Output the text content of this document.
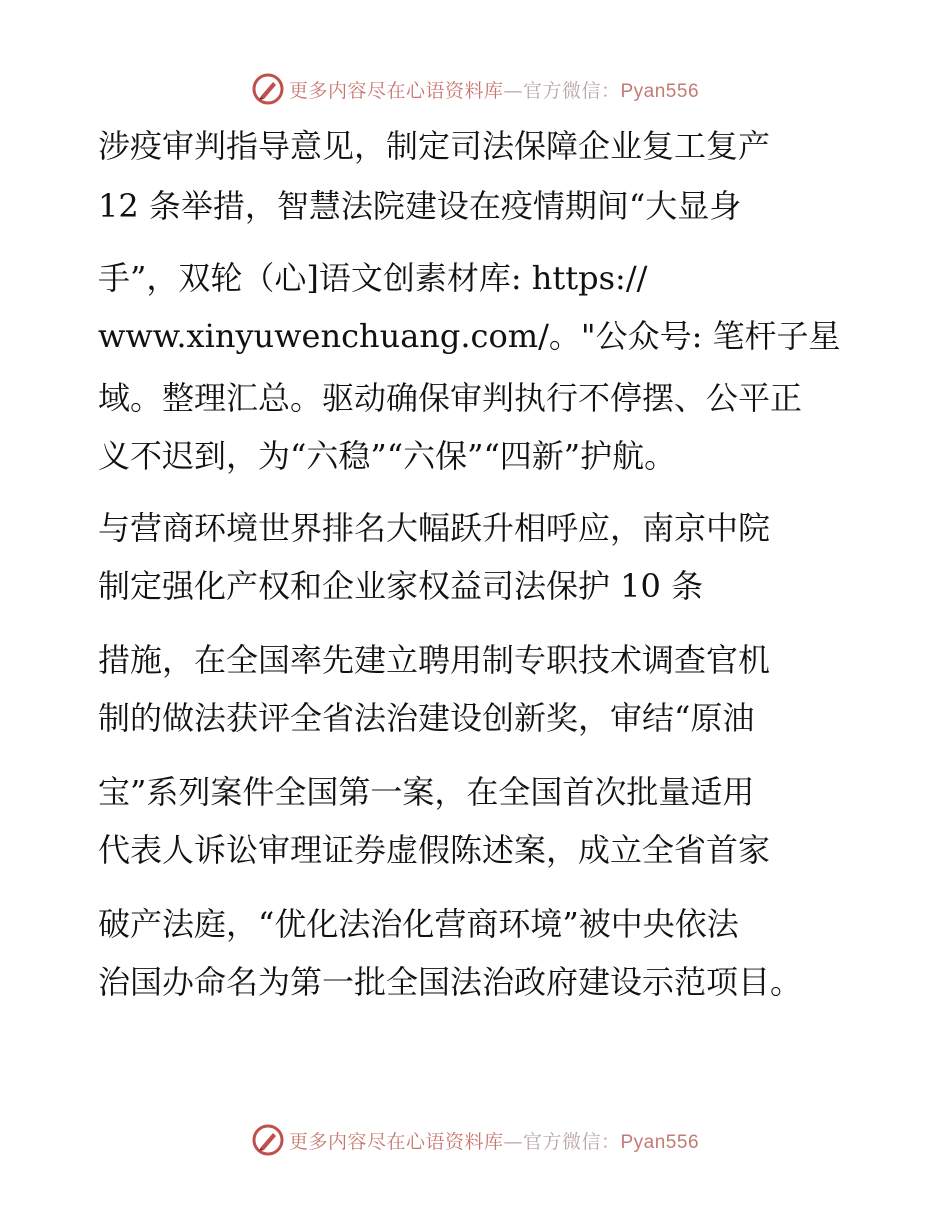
更多内容尽在心语资料库—官方微信：Pyan556
涉疫审判指导意见，制定司法保障企业复工复产
12 条举措，智慧法院建设在疫情期间“大显身
手”，双轮（心]语文创素材库: https://
www.xinyuwenchuang.com/。"公众号: 笔杆子星
域。整理汇总。驱动确保审判执行不停摆、公平正
义不迟到，为“六稳”“六保”“四新”护航。
与营商环境世界排名大幅跃升相呼应，南京中院
制定强化产权和企业家权益司法保护 10 条
措施，在全国率先建立聘用制专职技术调查官机
制的做法获评全省法治建设创新奖，审结“原油
宝”系列案件全国第一案，在全国首次批量适用
代表人诉讼审理证券虚假陈述案，成立全省首家
破产法庭，“优化法治化营商环境”被中央依法
治国办命名为第一批全国法治政府建设示范项目。
更多内容尽在心语资料库—官方微信：Pyan556
